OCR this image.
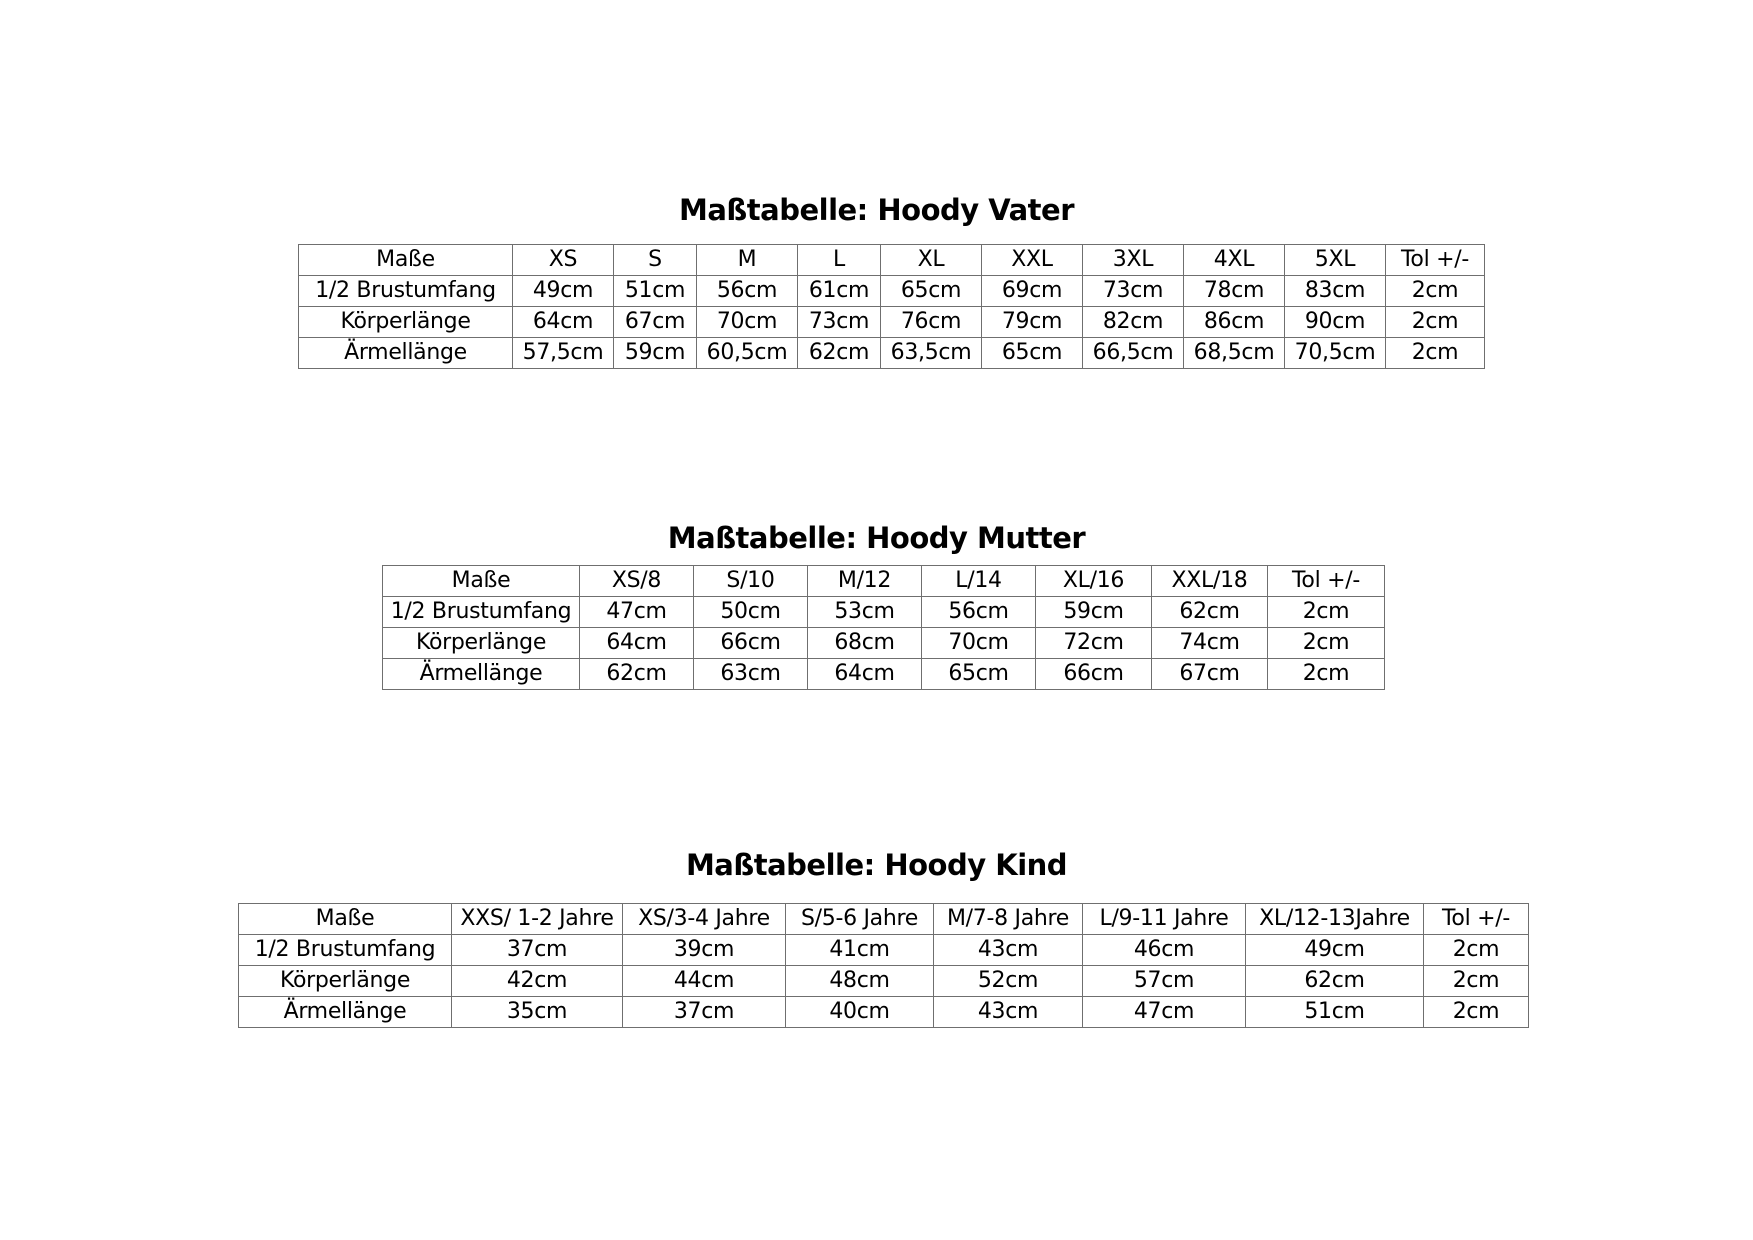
Maßtabelle: Hoody Vater
Maße	XS	S	M	L	XL	XXL	3XL	4XL	5XL	Tol +/-
1/2 Brustumfang	49cm	51cm	56cm	61cm	65cm	69cm	73cm	78cm	83cm	2cm
Körperlänge	64cm	67cm	70cm	73cm	76cm	79cm	82cm	86cm	90cm	2cm
Ärmellänge	57,5cm	59cm	60,5cm	62cm	63,5cm	65cm	66,5cm	68,5cm	70,5cm	2cm
Maßtabelle: Hoody Mutter
Maße	XS/8	S/10	M/12	L/14	XL/16	XXL/18	Tol +/-
1/2 Brustumfang	47cm	50cm	53cm	56cm	59cm	62cm	2cm
Körperlänge	64cm	66cm	68cm	70cm	72cm	74cm	2cm
Ärmellänge	62cm	63cm	64cm	65cm	66cm	67cm	2cm
Maßtabelle: Hoody Kind
Maße	XXS/ 1-2 Jahre	XS/3-4 Jahre	S/5-6 Jahre	M/7-8 Jahre	L/9-11 Jahre	XL/12-13Jahre	Tol +/-
1/2 Brustumfang	37cm	39cm	41cm	43cm	46cm	49cm	2cm
Körperlänge	42cm	44cm	48cm	52cm	57cm	62cm	2cm
Ärmellänge	35cm	37cm	40cm	43cm	47cm	51cm	2cm
